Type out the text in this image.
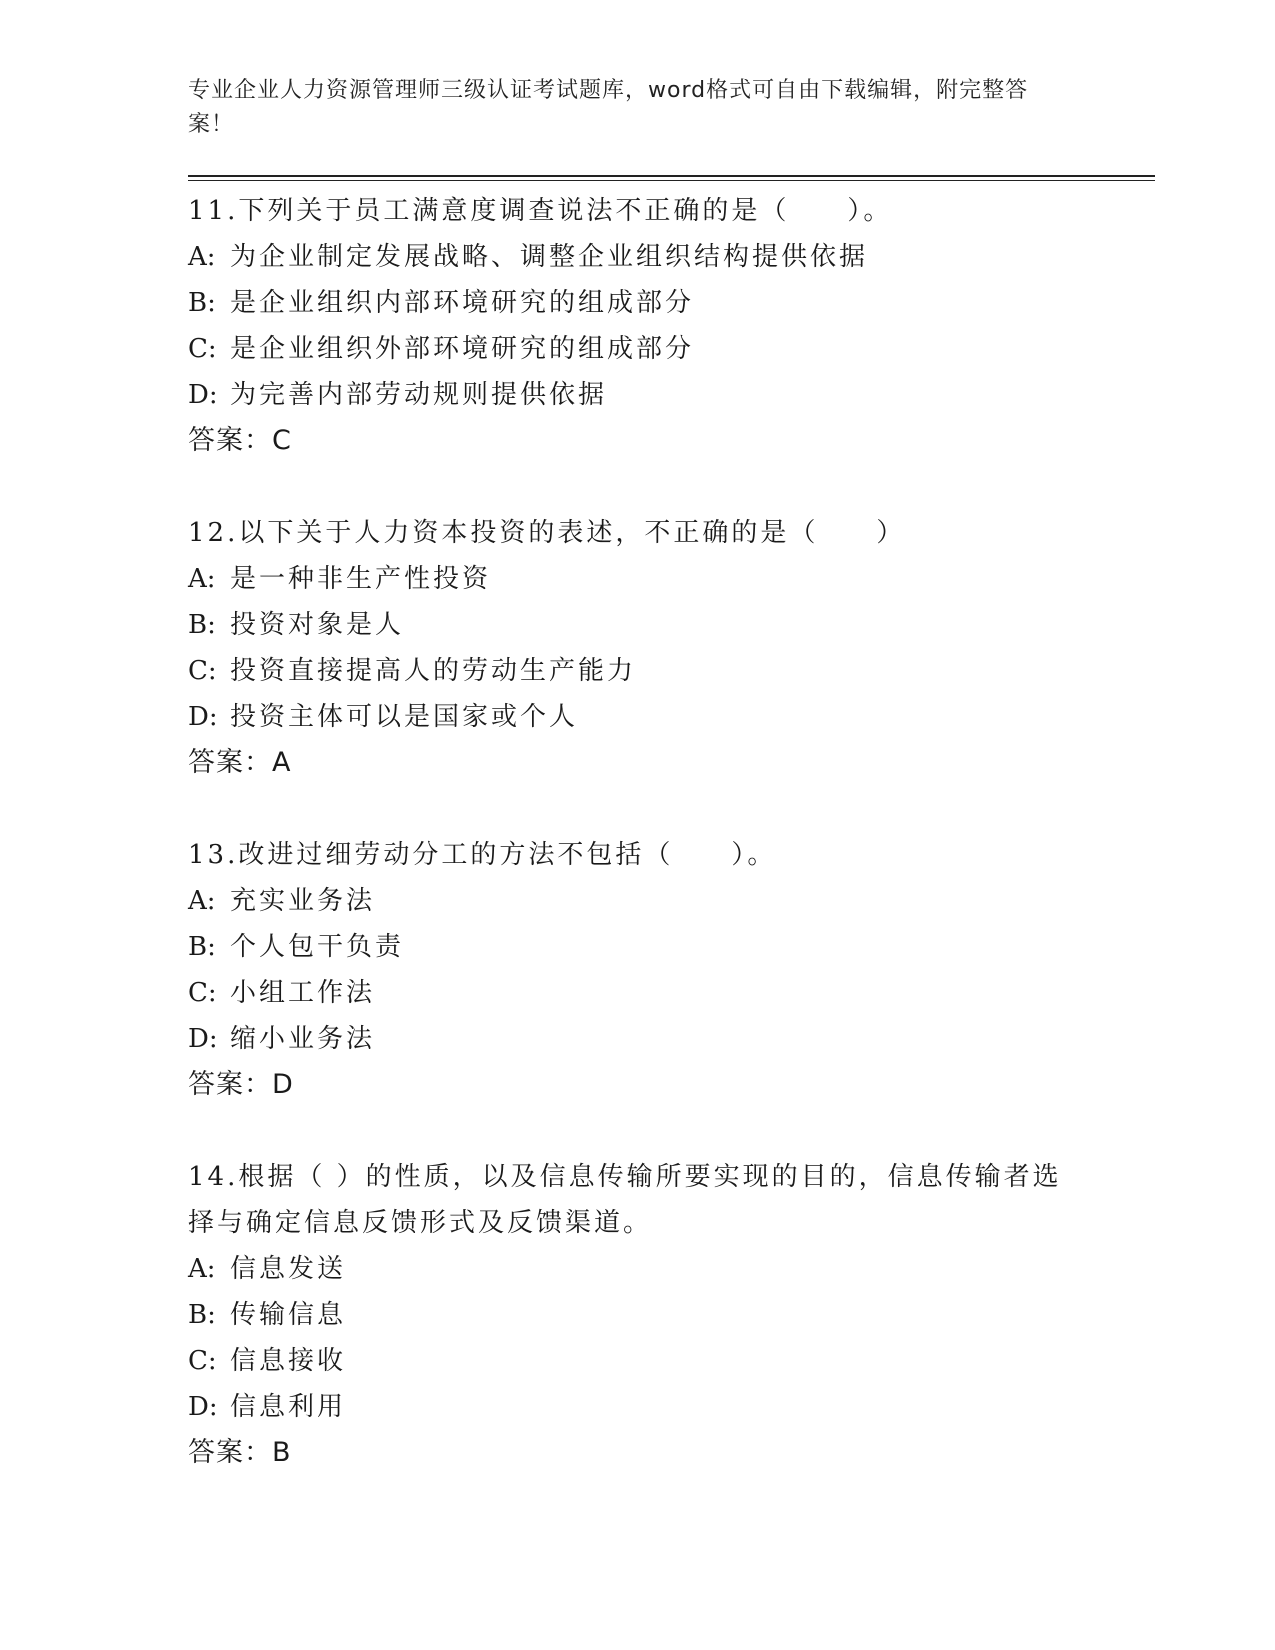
专业企业人力资源管理师三级认证考试题库，word格式可自由下载编辑，附完整答案！
11.下列关于员工满意度调查说法不正确的是（　　）。
A: 为企业制定发展战略、调整企业组织结构提供依据
B: 是企业组织内部环境研究的组成部分
C: 是企业组织外部环境研究的组成部分
D: 为完善内部劳动规则提供依据
答案：C
12.以下关于人力资本投资的表述，不正确的是（　　）
A: 是一种非生产性投资
B: 投资对象是人
C: 投资直接提高人的劳动生产能力
D: 投资主体可以是国家或个人
答案：A
13.改进过细劳动分工的方法不包括（　　）。
A: 充实业务法
B: 个人包干负责
C: 小组工作法
D: 缩小业务法
答案：D
14.根据（ ）的性质，以及信息传输所要实现的目的，信息传输者选择与确定信息反馈形式及反馈渠道。
A: 信息发送
B: 传输信息
C: 信息接收
D: 信息利用
答案：B
